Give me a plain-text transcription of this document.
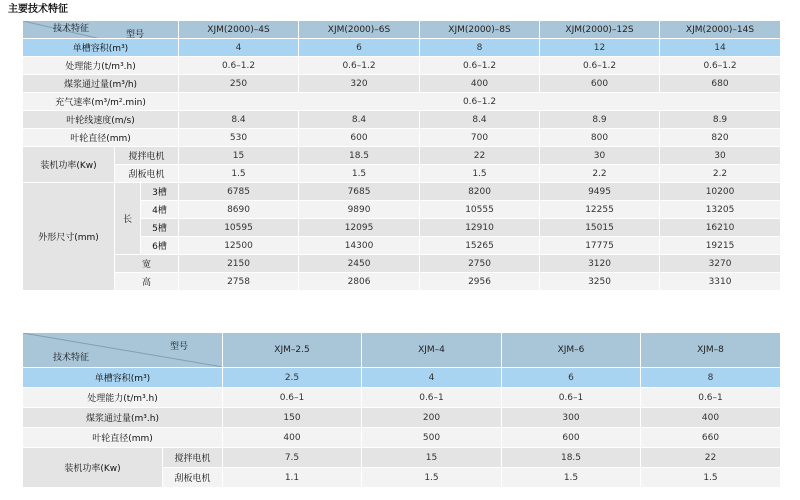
主要技术特征
型号
技术特征			XJM(2000)–4S	XJM(2000)–6S	XJM(2000)–8S	XJM(2000)–12S	XJM(2000)–14S
单槽容积(m³)			4	6	8	12	14
处理能力(t/m³.h)			0.6–1.2	0.6–1.2	0.6–1.2	0.6–1.2	0.6–1.2
煤浆通过量(m³/h)			250	320	400	600	680
充气速率(m³/m².min)			0.6–1.2				
叶轮线速度(m/s)			8.4	8.4	8.4	8.9	8.9
叶轮直径(mm)			530	600	700	800	820
装机功率(Kw)	搅拌电机		15	18.5	22	30	30
	刮板电机		1.5	1.5	1.5	2.2	2.2
外形尺寸(mm)	长	3槽	6785	7685	8200	9495	10200
		4槽	8690	9890	10555	12255	13205
		5槽	10595	12095	12910	15015	16210
		6槽	12500	14300	15265	17775	19215
	宽		2150	2450	2750	3120	3270
	高		2758	2806	2956	3250	3310
型号
技术特征		XJM–2.5	XJM–4	XJM–6	XJM–8
单槽容积(m³)		2.5	4	6	8
处理能力(t/m³.h)		0.6–1	0.6–1	0.6–1	0.6–1
煤浆通过量(m³.h)		150	200	300	400
叶轮直径(mm)		400	500	600	660
装机功率(Kw)	搅拌电机	7.5	15	18.5	22
	刮板电机	1.1	1.5	1.5	1.5
